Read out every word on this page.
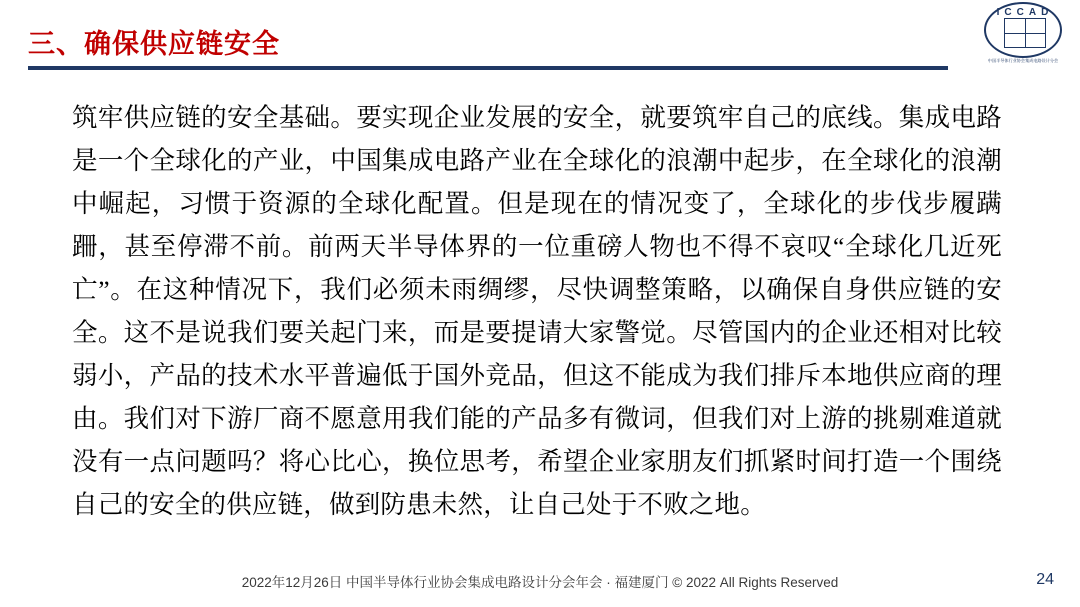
三、确保供应链安全
ICCAD
中国半导体行业协会集成电路设计分会
筑牢供应链的安全基础。要实现企业发展的安全，就要筑牢自己的底线。集成电路是一个全球化的产业，中国集成电路产业在全球化的浪潮中起步，在全球化的浪潮中崛起，习惯于资源的全球化配置。但是现在的情况变了，全球化的步伐步履蹒跚，甚至停滞不前。前两天半导体界的一位重磅人物也不得不哀叹“全球化几近死亡”。在这种情况下，我们必须未雨绸缪，尽快调整策略，以确保自身供应链的安全。这不是说我们要关起门来，而是要提请大家警觉。尽管国内的企业还相对比较弱小，产品的技术水平普遍低于国外竞品，但这不能成为我们排斥本地供应商的理由。我们对下游厂商不愿意用我们能的产品多有微词，但我们对上游的挑剔难道就没有一点问题吗？将心比心，换位思考，希望企业家朋友们抓紧时间打造一个围绕自己的安全的供应链，做到防患未然，让自己处于不败之地。
2022年12月26日 中国半导体行业协会集成电路设计分会年会 · 福建厦门 © 2022 All Rights Reserved	24
